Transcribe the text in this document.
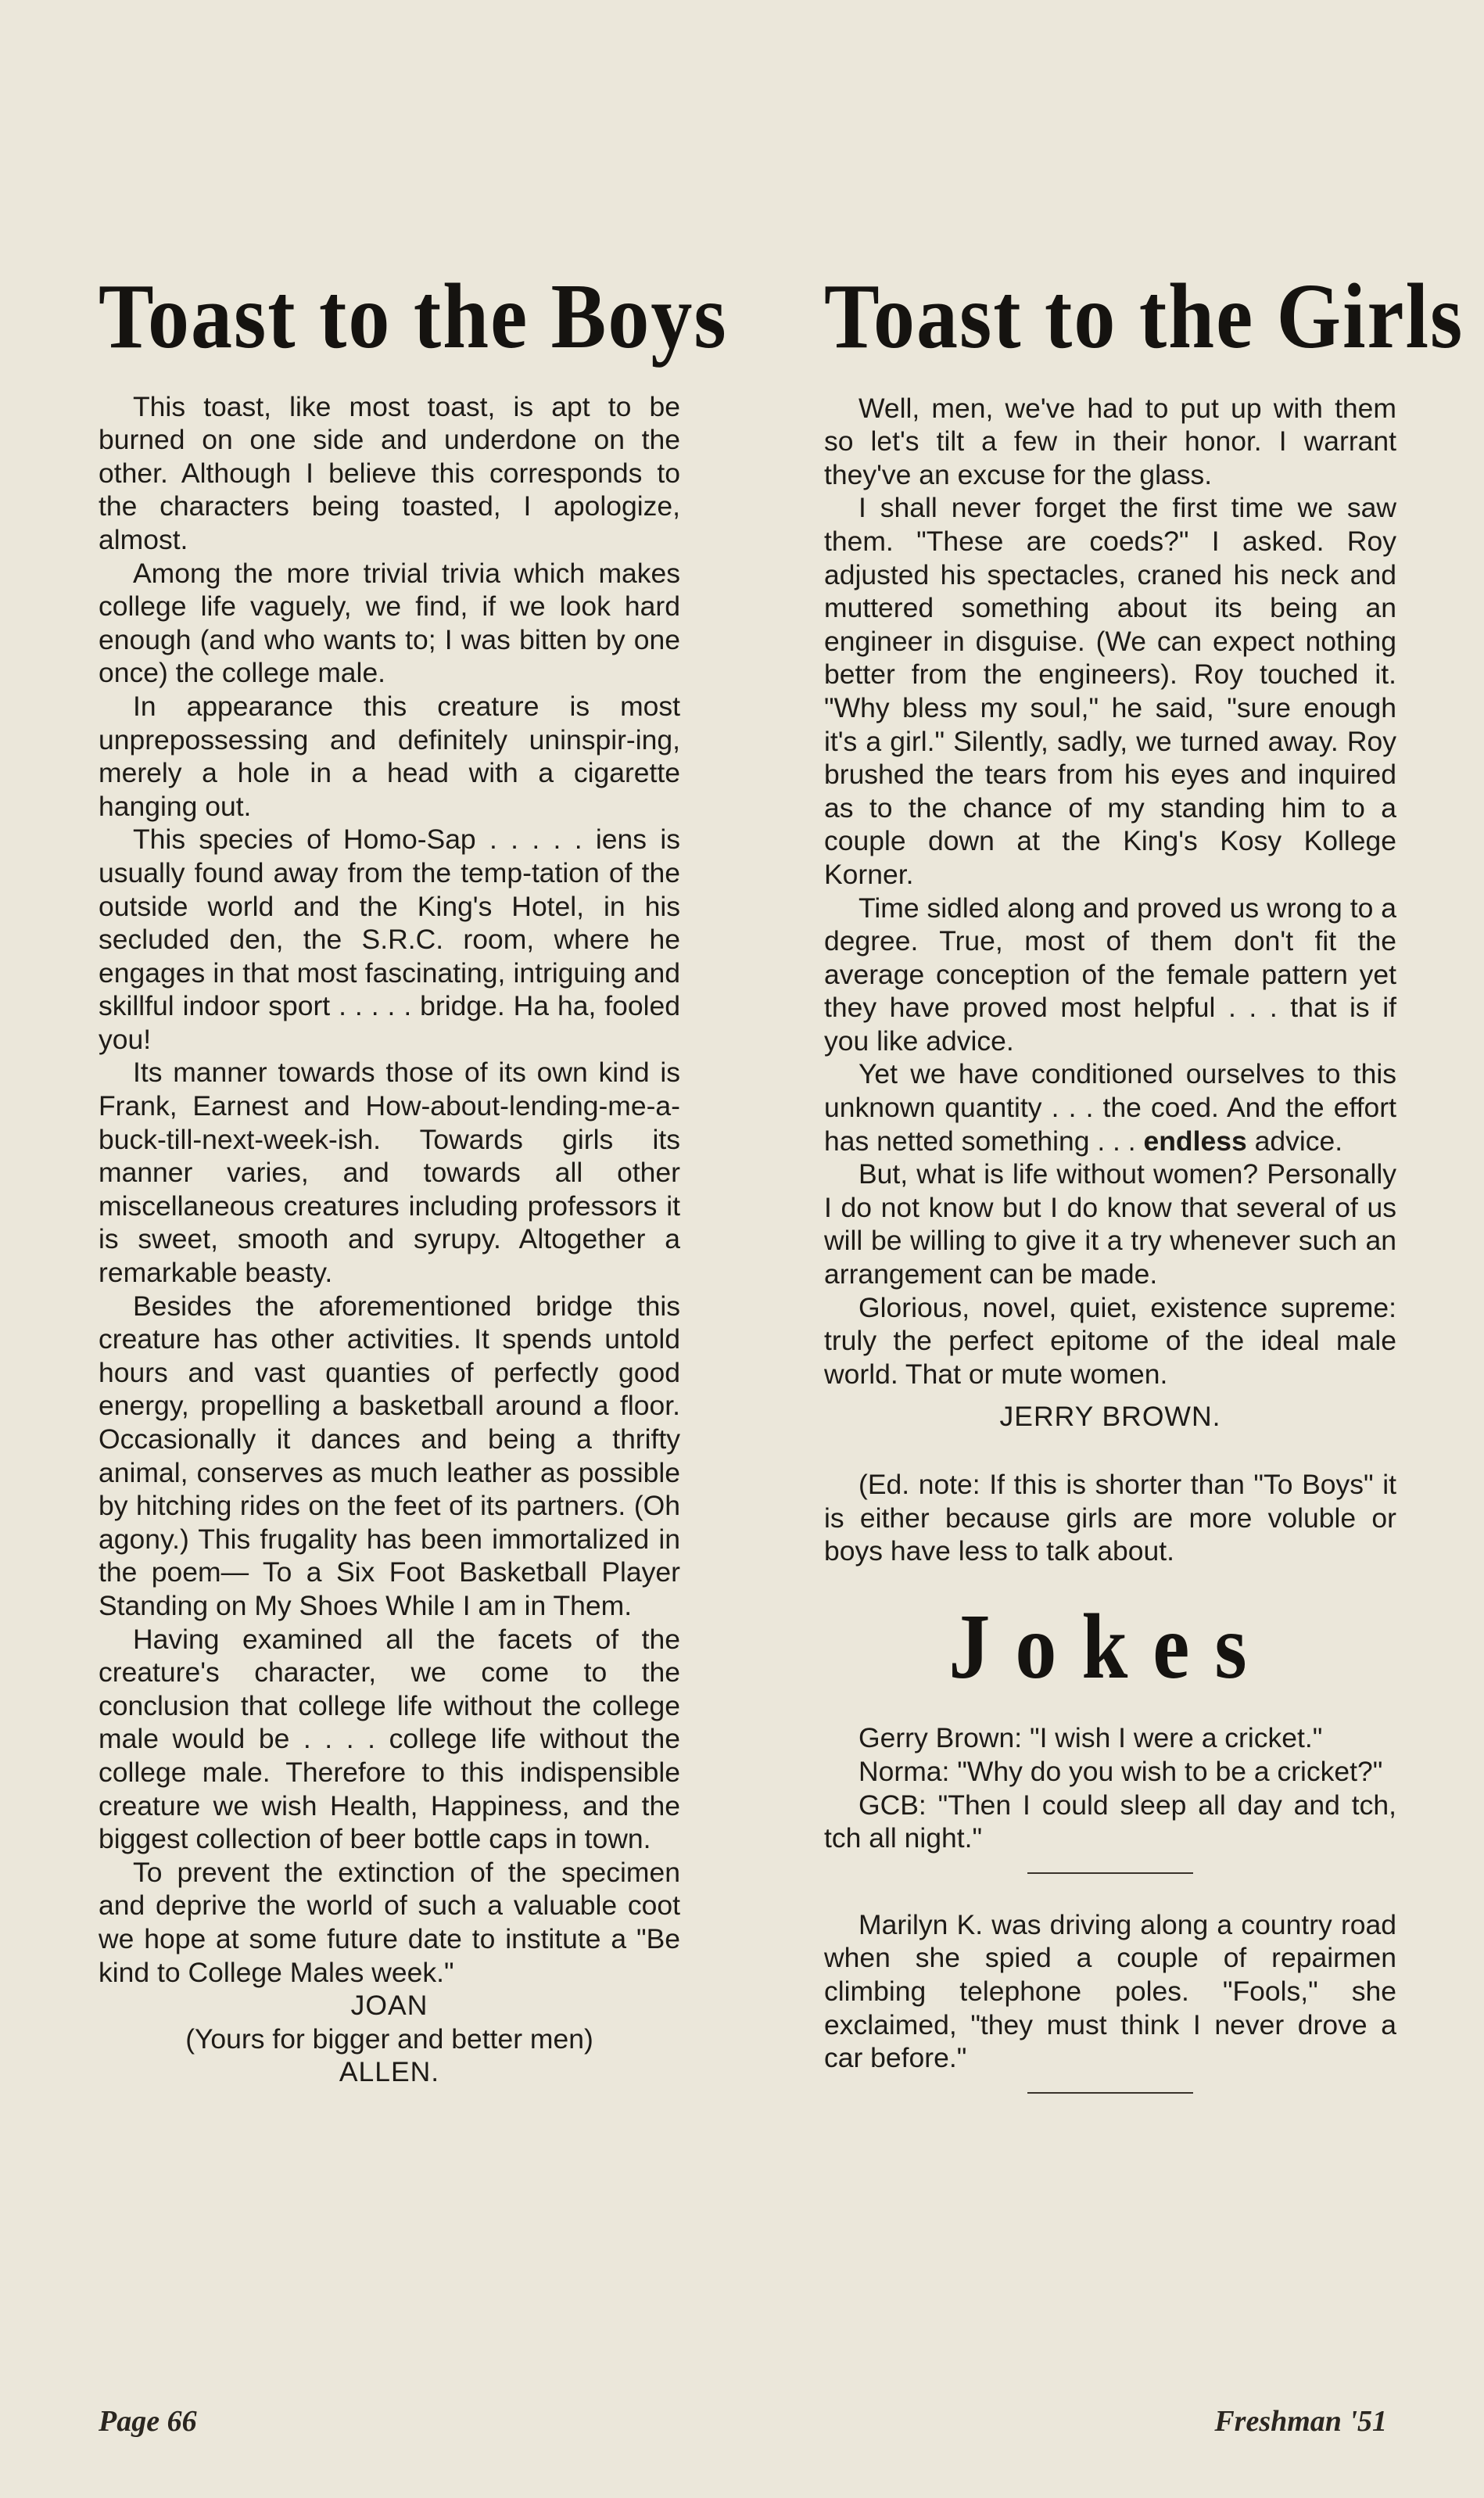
Toast to the Boys

This toast, like most toast, is apt to be burned on one side and underdone on the other. Although I believe this corresponds to the characters being toasted, I apologize, almost.

Among the more trivial trivia which makes college life vaguely, we find, if we look hard enough (and who wants to; I was bitten by one once) the college male.

In appearance this creature is most unprepossessing and definitely uninspir-ing, merely a hole in a head with a cigarette hanging out.

This species of Homo-Sap . . . . . iens is usually found away from the temp-tation of the outside world and the King's Hotel, in his secluded den, the S.R.C. room, where he engages in that most fascinating, intriguing and skillful indoor sport . . . . . bridge. Ha ha, fooled you!

Its manner towards those of its own kind is Frank, Earnest and How-about-lending-me-a-buck-till-next-week-ish. Towards girls its manner varies, and towards all other miscellaneous creatures including professors it is sweet, smooth and syrupy. Altogether a remarkable beasty.

Besides the aforementioned bridge this creature has other activities. It spends untold hours and vast quanties of perfectly good energy, propelling a basketball around a floor. Occasionally it dances and being a thrifty animal, conserves as much leather as possible by hitching rides on the feet of its partners. (Oh agony.) This frugality has been immortalized in the poem— To a Six Foot Basketball Player Standing on My Shoes While I am in Them.

Having examined all the facets of the creature's character, we come to the conclusion that college life without the college male would be . . . . college life without the college male. Therefore to this indispensible creature we wish Health, Happiness, and the biggest collection of beer bottle caps in town.

To prevent the extinction of the specimen and deprive the world of such a valuable coot we hope at some future date to institute a "Be kind to College Males week."

JOAN

(Yours for bigger and better men)

ALLEN.

Toast to the Girls

Well, men, we've had to put up with them so let's tilt a few in their honor. I warrant they've an excuse for the glass.

I shall never forget the first time we saw them. "These are coeds?" I asked. Roy adjusted his spectacles, craned his neck and muttered something about its being an engineer in disguise. (We can expect nothing better from the engineers). Roy touched it. "Why bless my soul," he said, "sure enough it's a girl." Silently, sadly, we turned away. Roy brushed the tears from his eyes and inquired as to the chance of my standing him to a couple down at the King's Kosy Kollege Korner.

Time sidled along and proved us wrong to a degree. True, most of them don't fit the average conception of the female pattern yet they have proved most helpful . . . that is if you like advice.

Yet we have conditioned ourselves to this unknown quantity . . . the coed. And the effort has netted something . . . endless advice.

But, what is life without women? Personally I do not know but I do know that several of us will be willing to give it a try whenever such an arrangement can be made.

Glorious, novel, quiet, existence supreme: truly the perfect epitome of the ideal male world. That or mute women.

JERRY BROWN.

(Ed. note: If this is shorter than "To Boys" it is either because girls are more voluble or boys have less to talk about.

Jokes

Gerry Brown: "I wish I were a cricket."

Norma: "Why do you wish to be a cricket?"

GCB: "Then I could sleep all day and tch, tch all night."

Marilyn K. was driving along a country road when she spied a couple of repairmen climbing telephone poles. "Fools," she exclaimed, "they must think I never drove a car before."

Page 66	Freshman '51
